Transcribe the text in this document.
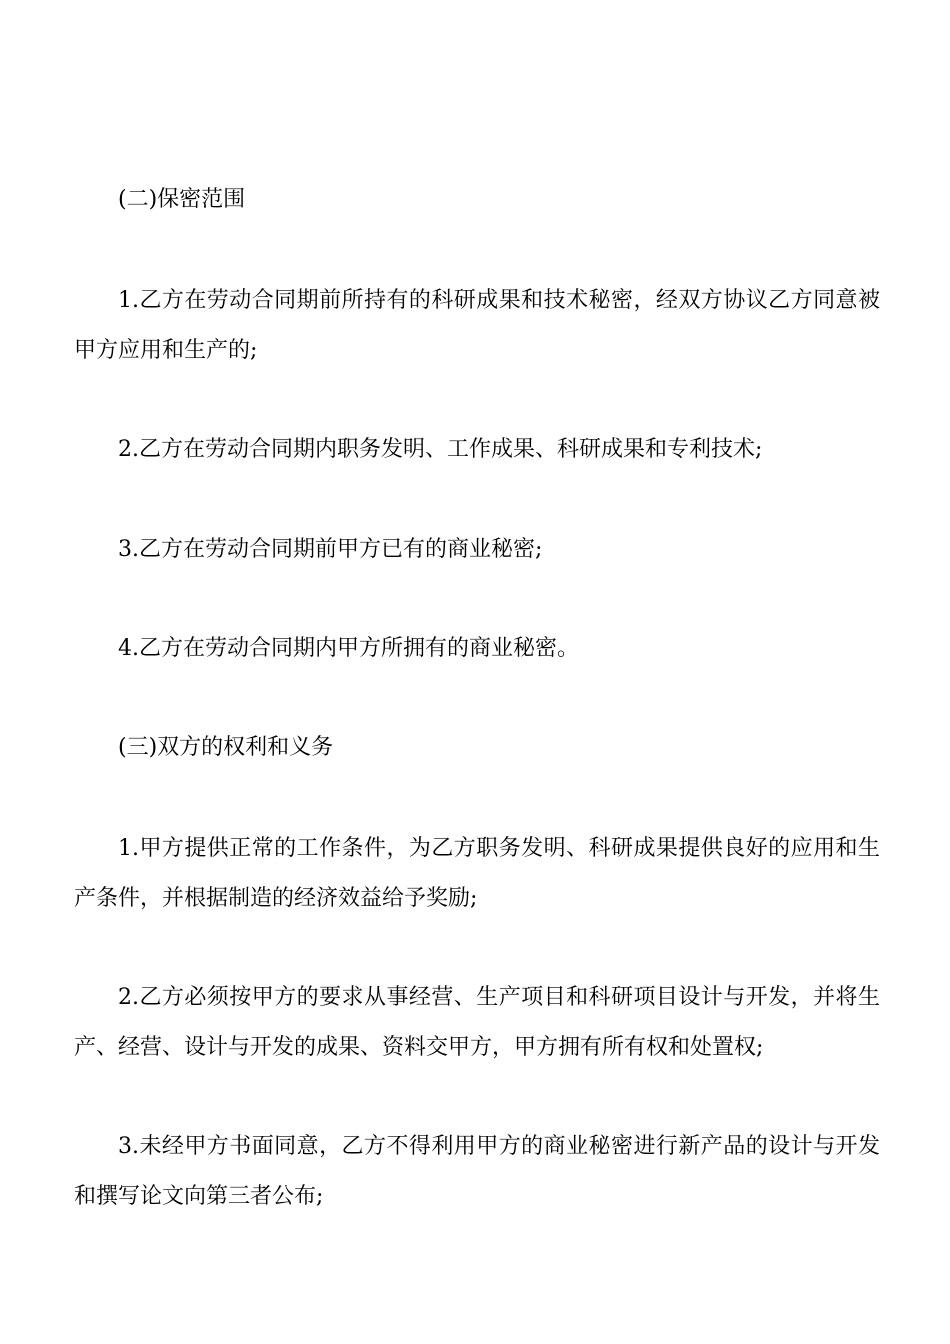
(二)保密范围

1.乙方在劳动合同期前所持有的科研成果和技术秘密，经双方协议乙方同意被甲方应用和生产的;

2.乙方在劳动合同期内职务发明、工作成果、科研成果和专利技术;

3.乙方在劳动合同期前甲方已有的商业秘密;

4.乙方在劳动合同期内甲方所拥有的商业秘密。

(三)双方的权利和义务

1.甲方提供正常的工作条件，为乙方职务发明、科研成果提供良好的应用和生产条件，并根据制造的经济效益给予奖励;

2.乙方必须按甲方的要求从事经营、生产项目和科研项目设计与开发，并将生产、经营、设计与开发的成果、资料交甲方，甲方拥有所有权和处置权;

3.未经甲方书面同意，乙方不得利用甲方的商业秘密进行新产品的设计与开发和撰写论文向第三者公布;
